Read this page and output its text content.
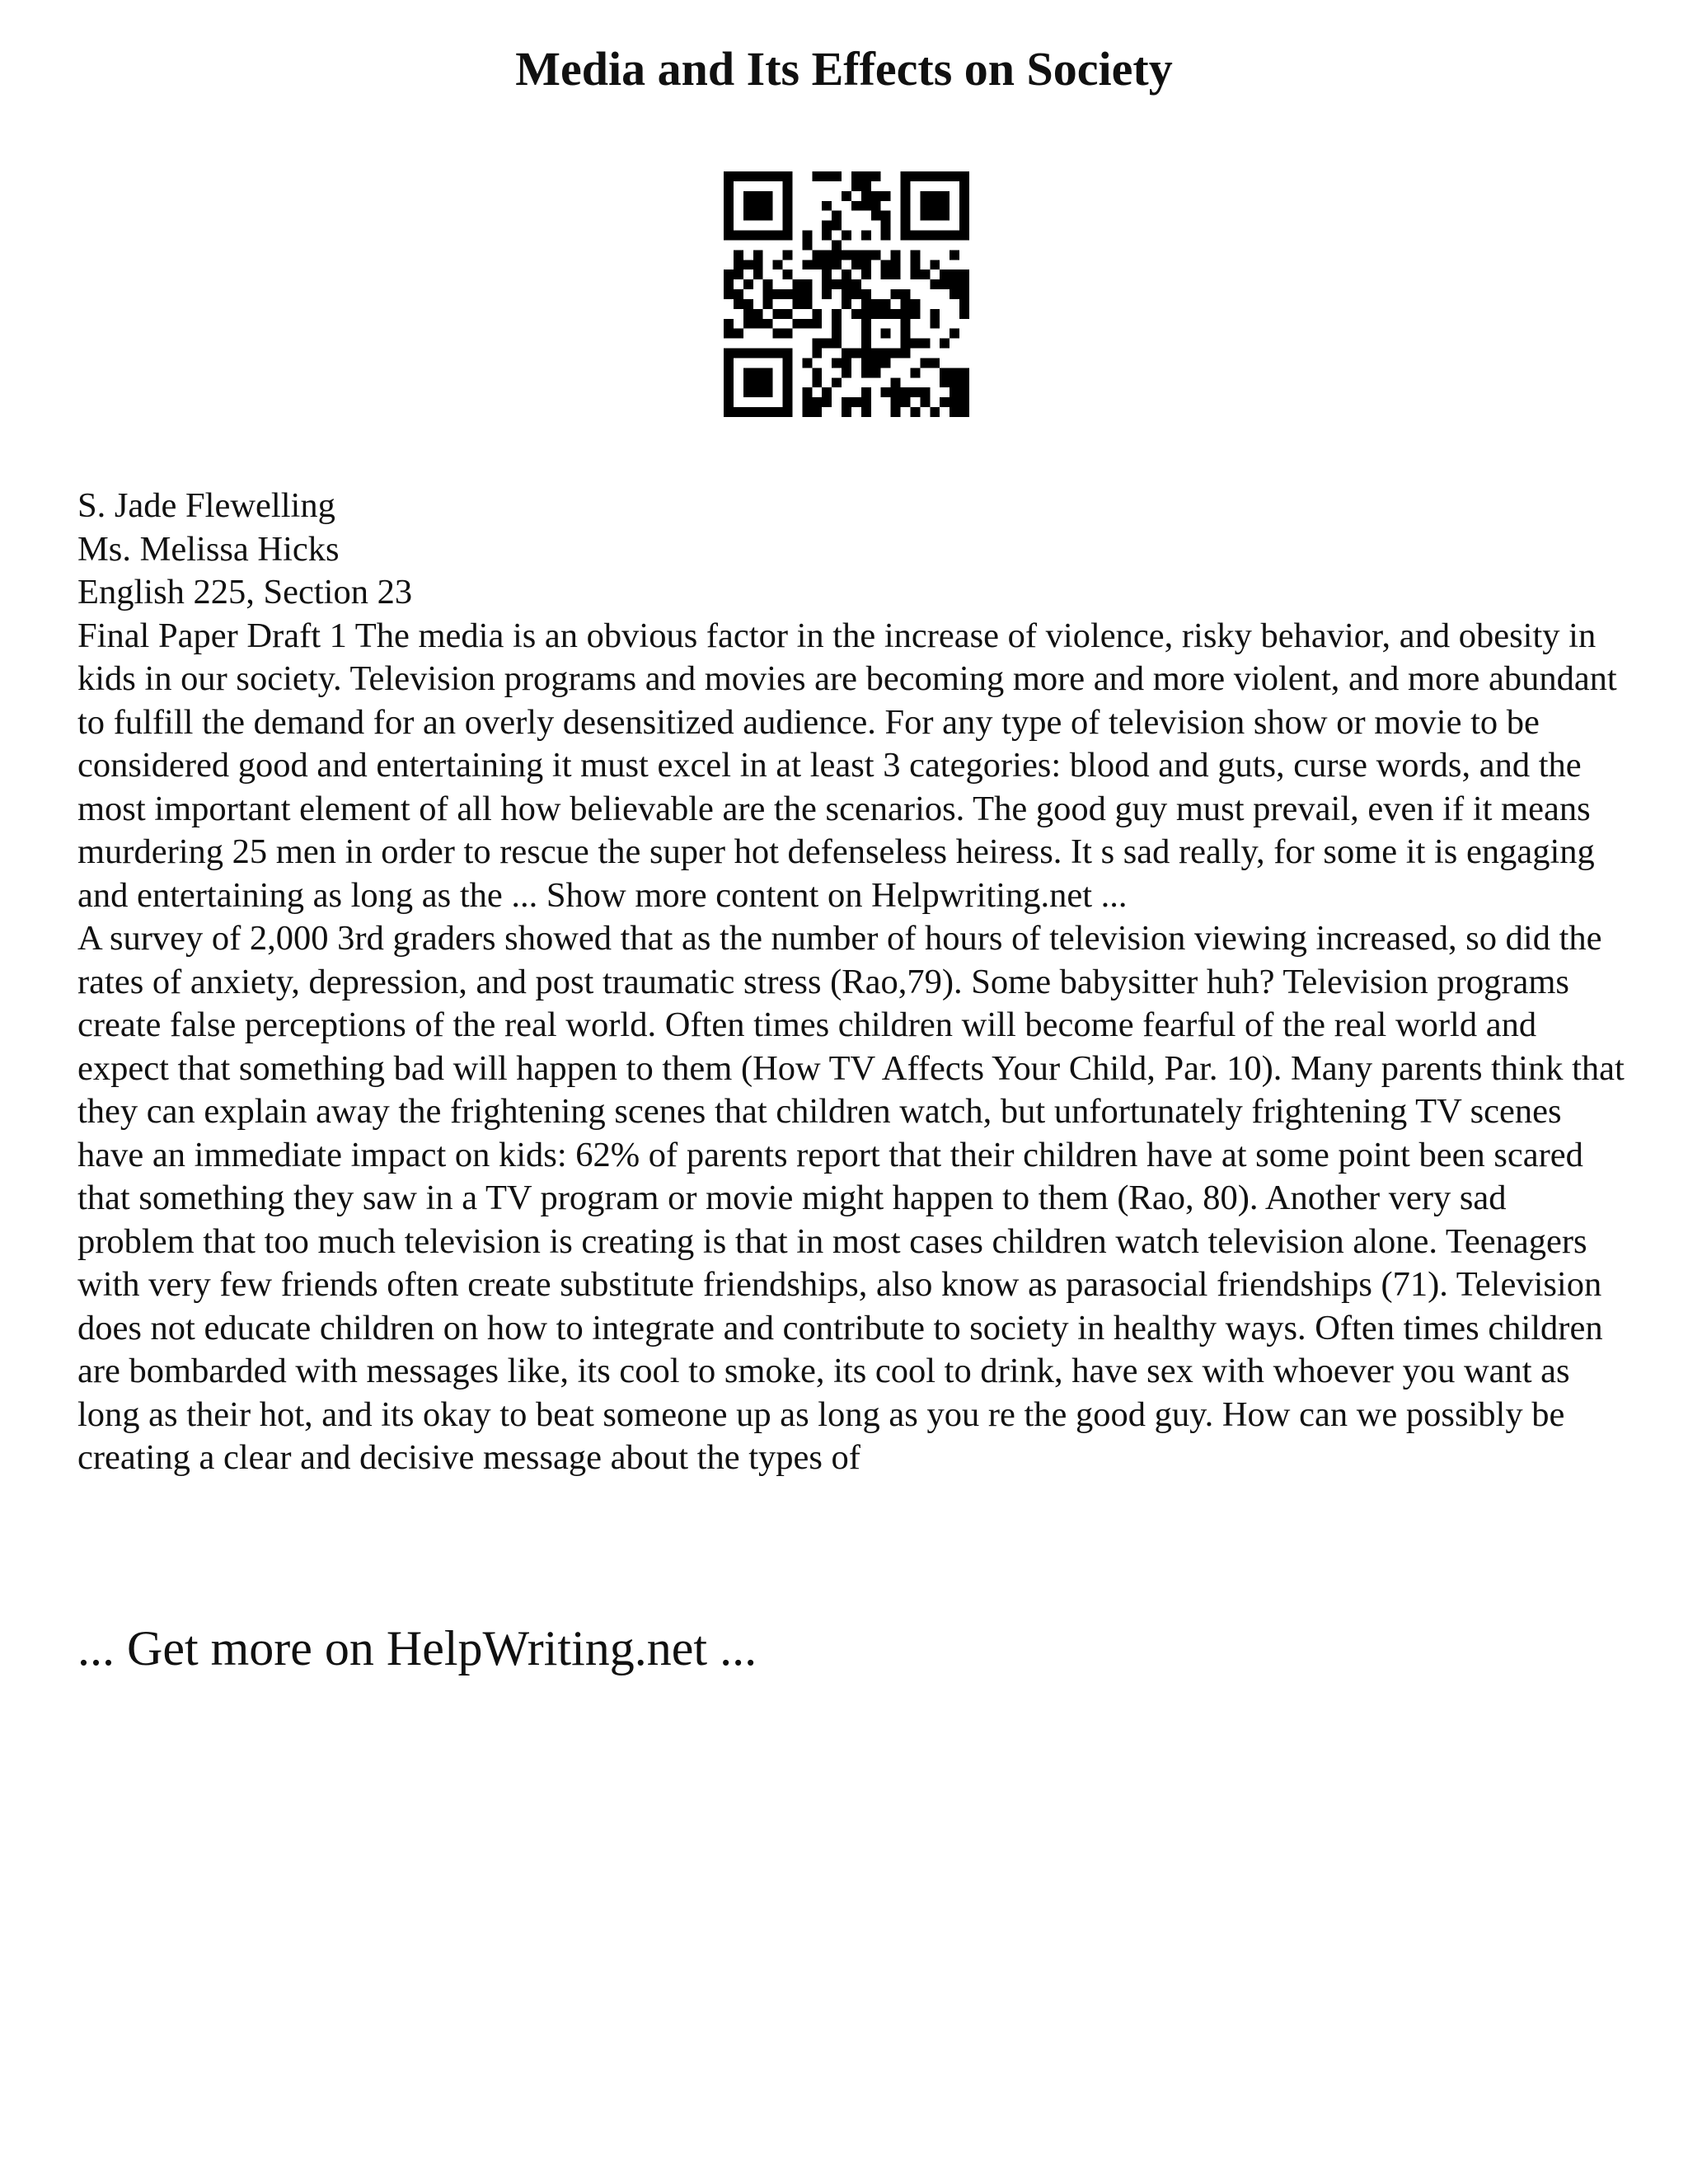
Media and Its Effects on Society
S. Jade Flewelling
Ms. Melissa Hicks
English 225, Section 23
Final Paper Draft 1 The media is an obvious factor in the increase of violence, risky behavior, and obesity in kids in our society. Television programs and movies are becoming more and more violent, and more abundant to fulfill the demand for an overly desensitized audience. For any type of television show or movie to be considered good and entertaining it must excel in at least 3 categories: blood and guts, curse words, and the most important element of all how believable are the scenarios. The good guy must prevail, even if it means murdering 25 men in order to rescue the super hot defenseless heiress. It s sad really, for some it is engaging and entertaining as long as the ... Show more content on Helpwriting.net ...
A survey of 2,000 3rd graders showed that as the number of hours of television viewing increased, so did the rates of anxiety, depression, and post traumatic stress (Rao,79). Some babysitter huh? Television programs create false perceptions of the real world. Often times children will become fearful of the real world and expect that something bad will happen to them (How TV Affects Your Child, Par. 10). Many parents think that they can explain away the frightening scenes that children watch, but unfortunately frightening TV scenes have an immediate impact on kids: 62% of parents report that their children have at some point been scared that something they saw in a TV program or movie might happen to them (Rao, 80). Another very sad problem that too much television is creating is that in most cases children watch television alone. Teenagers with very few friends often create substitute friendships, also know as parasocial friendships (71). Television does not educate children on how to integrate and contribute to society in healthy ways. Often times children are bombarded with messages like, its cool to smoke, its cool to drink, have sex with whoever you want as long as their hot, and its okay to beat someone up as long as you re the good guy. How can we possibly be creating a clear and decisive message about the types of
... Get more on HelpWriting.net ...
